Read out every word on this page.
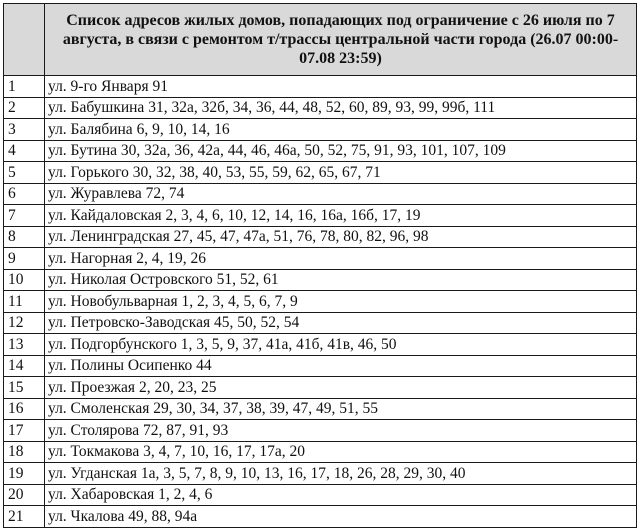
	Список адресов жилых домов, попадающих под ограничение с 26 июля по 7 августа, в связи с ремонтом т/трассы центральной части города (26.07 00:00-07.08 23:59)
1	ул. 9-го Января 91
2	ул. Бабушкина 31, 32а, 32б, 34, 36, 44, 48, 52, 60, 89, 93, 99, 99б, 111
3	ул. Балябина 6, 9, 10, 14, 16
4	ул. Бутина 30, 32а, 36, 42а, 44, 46, 46а, 50, 52, 75, 91, 93, 101, 107, 109
5	ул. Горького 30, 32, 38, 40, 53, 55, 59, 62, 65, 67, 71
6	ул. Журавлева 72, 74
7	ул. Кайдаловская 2, 3, 4, 6, 10, 12, 14, 16, 16а, 16б, 17, 19
8	ул. Ленинградская 27, 45, 47, 47а, 51, 76, 78, 80, 82, 96, 98
9	ул. Нагорная 2, 4, 19, 26
10	ул. Николая Островского 51, 52, 61
11	ул. Новобульварная 1, 2, 3, 4, 5, 6, 7, 9
12	ул. Петровско-Заводская 45, 50, 52, 54
13	ул. Подгорбунского 1, 3, 5, 9, 37, 41а, 41б, 41в, 46, 50
14	ул. Полины Осипенко 44
15	ул. Проезжая 2, 20, 23, 25
16	ул. Смоленская 29, 30, 34, 37, 38, 39, 47, 49, 51, 55
17	ул. Столярова 72, 87, 91, 93
18	ул. Токмакова 3, 4, 7, 10, 16, 17, 17а, 20
19	ул. Угданская 1а, 3, 5, 7, 8, 9, 10, 13, 16, 17, 18, 26, 28, 29, 30, 40
20	ул. Хабаровская 1, 2, 4, 6
21	ул. Чкалова 49, 88, 94а
